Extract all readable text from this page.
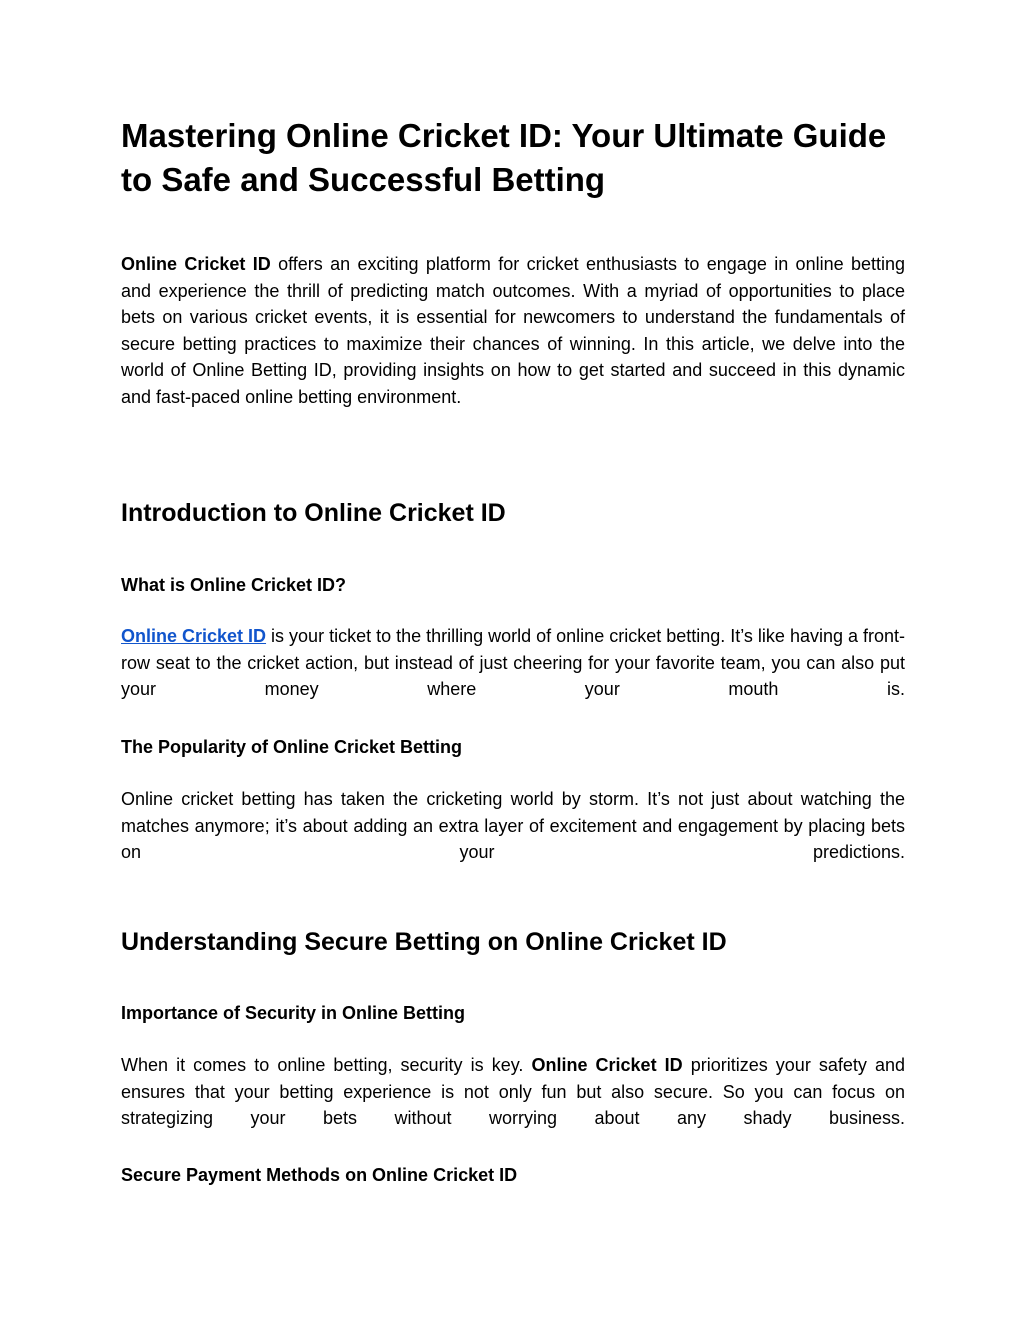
Mastering Online Cricket ID: Your Ultimate Guide to Safe and Successful Betting

Online Cricket ID offers an exciting platform for cricket enthusiasts to engage in online betting and experience the thrill of predicting match outcomes. With a myriad of opportunities to place bets on various cricket events, it is essential for newcomers to understand the fundamentals of secure betting practices to maximize their chances of winning. In this article, we delve into the world of Online Betting ID, providing insights on how to get started and succeed in this dynamic and fast-paced online betting environment.

Introduction to Online Cricket ID
What is Online Cricket ID?

Online Cricket ID is your ticket to the thrilling world of online cricket betting. It’s like having a front-row seat to the cricket action, but instead of just cheering for your favorite team, you can also put your money where your mouth is.

The Popularity of Online Cricket Betting

Online cricket betting has taken the cricketing world by storm. It’s not just about watching the matches anymore; it’s about adding an extra layer of excitement and engagement by placing bets on your predictions.

Understanding Secure Betting on Online Cricket ID
Importance of Security in Online Betting

When it comes to online betting, security is key. Online Cricket ID prioritizes your safety and ensures that your betting experience is not only fun but also secure. So you can focus on strategizing your bets without worrying about any shady business.

Secure Payment Methods on Online Cricket ID
